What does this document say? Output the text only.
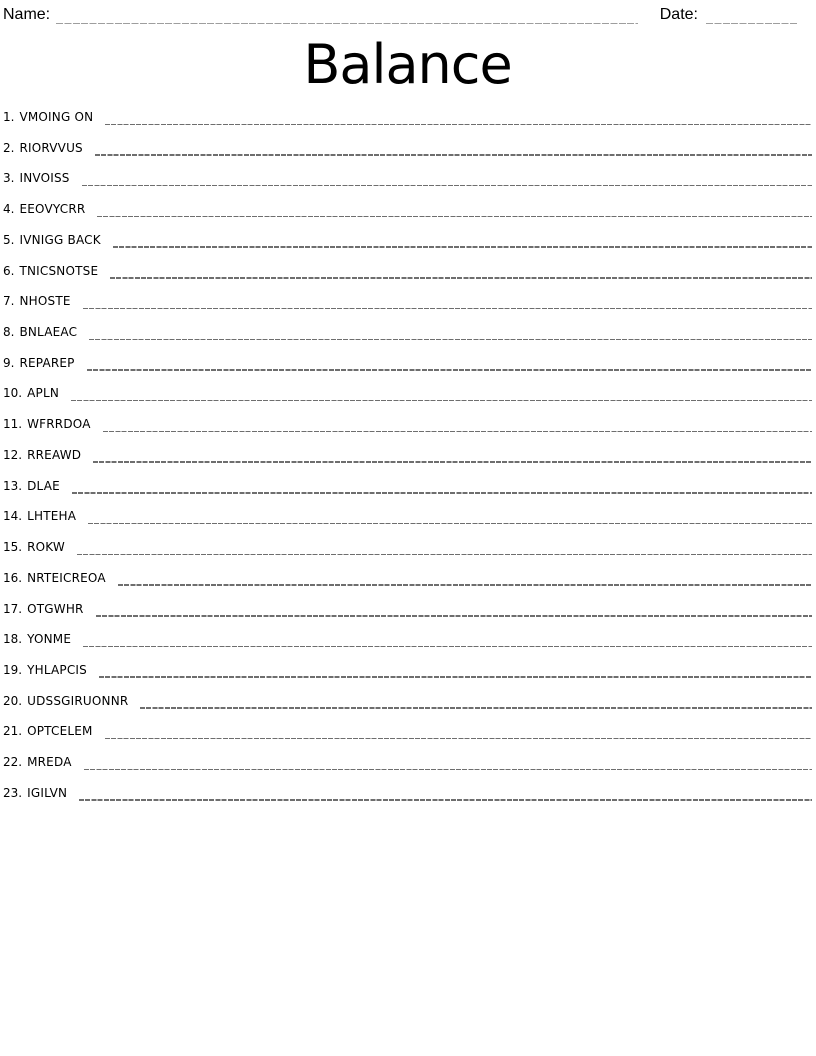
Name:	Date:
Balance
1. VMOING ON
2. RIORVVUS
3. INVOISS
4. EEOVYCRR
5. IVNIGG BACK
6. TNICSNOTSE
7. NHOSTE
8. BNLAEAC
9. REPAREP
10. APLN
11. WFRRDOA
12. RREAWD
13. DLAE
14. LHTEHA
15. ROKW
16. NRTEICREOA
17. OTGWHR
18. YONME
19. YHLAPCIS
20. UDSSGIRUONNR
21. OPTCELEM
22. MREDA
23. IGILVN
